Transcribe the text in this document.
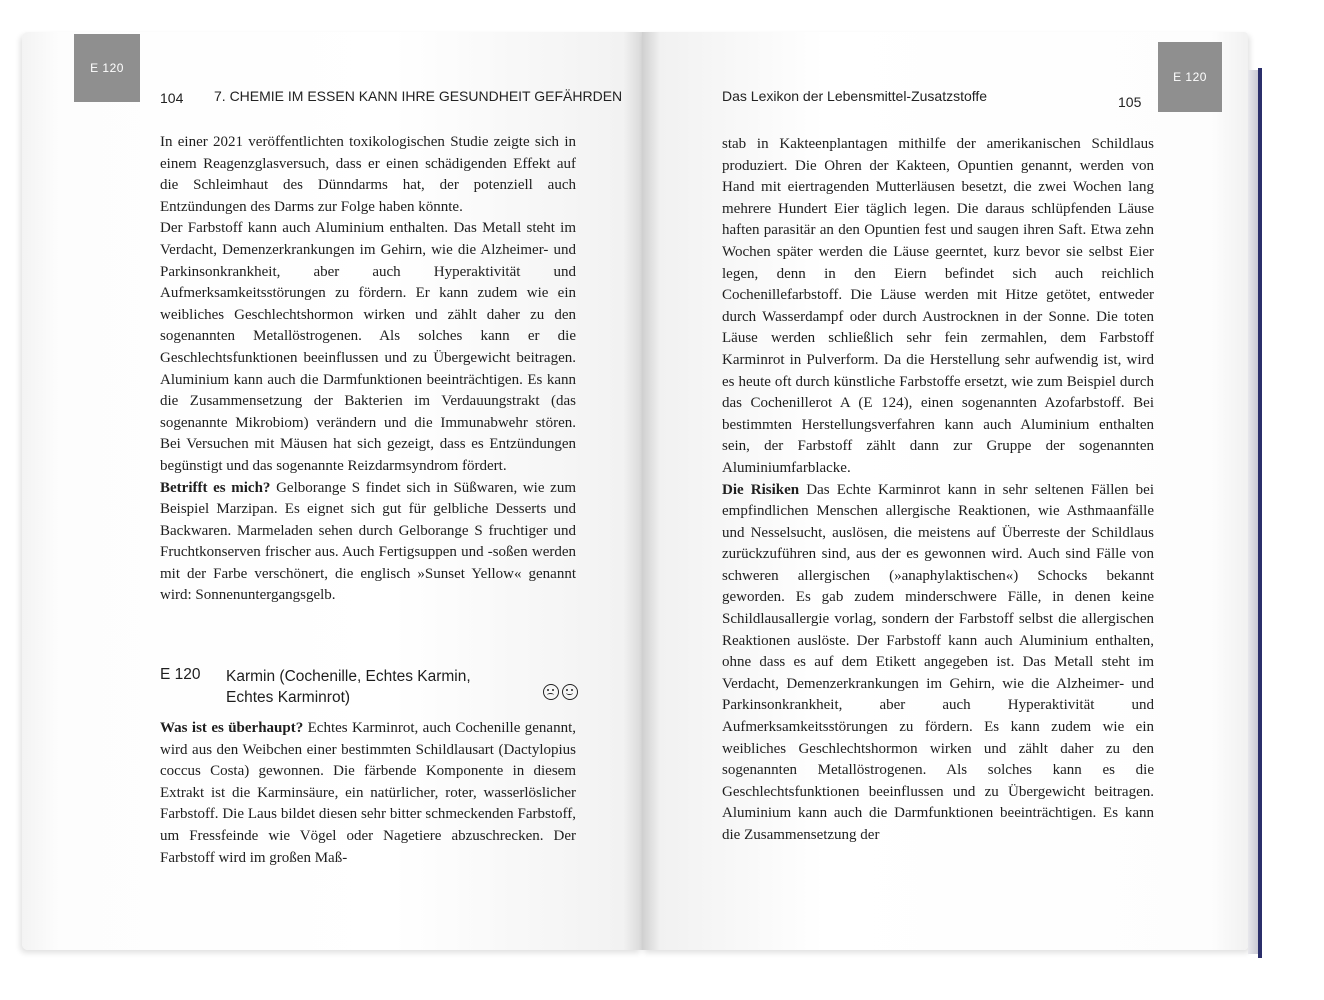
E 120
104 7. CHEMIE IM ESSEN KANN IHRE GESUNDHEIT GEFÄHRDEN

In einer 2021 veröffentlichten toxikologischen Studie zeigte sich in einem Reagenzglasversuch, dass er einen schädigenden Effekt auf die Schleimhaut des Dünndarms hat, der potenziell auch Entzündungen des Darms zur Folge haben könnte.

Der Farbstoff kann auch Aluminium enthalten. Das Metall steht im Verdacht, Demenzerkrankungen im Gehirn, wie die Alzheimer- und Parkinsonkrankheit, aber auch Hyperaktivität und Aufmerksamkeitsstörungen zu fördern. Er kann zudem wie ein weibliches Geschlechtshormon wirken und zählt daher zu den sogenannten Metallöstrogenen. Als solches kann er die Geschlechtsfunktionen beeinflussen und zu Übergewicht beitragen. Aluminium kann auch die Darmfunktionen beeinträchtigen. Es kann die Zusammensetzung der Bakterien im Verdauungstrakt (das sogenannte Mikrobiom) verändern und die Immunabwehr stören. Bei Versuchen mit Mäusen hat sich gezeigt, dass es Entzündungen begünstigt und das sogenannte Reizdarmsyndrom fördert.

Betrifft es mich? Gelborange S findet sich in Süßwaren, wie zum Beispiel Marzipan. Es eignet sich gut für gelbliche Desserts und Backwaren. Marmeladen sehen durch Gelborange S fruchtiger und Fruchtkonserven frischer aus. Auch Fertigsuppen und -soßen werden mit der Farbe verschönert, die englisch »Sunset Yellow« genannt wird: Sonnenuntergangsgelb.

E 120 Karmin (Cochenille, Echtes Karmin,
Echtes Karminrot)

Was ist es überhaupt? Echtes Karminrot, auch Cochenille genannt, wird aus den Weibchen einer bestimmten Schildlausart (Dactylopius coccus Costa) gewonnen. Die färbende Komponente in diesem Extrakt ist die Karminsäure, ein natürlicher, roter, wasserlöslicher Farbstoff. Die Laus bildet diesen sehr bitter schmeckenden Farbstoff, um Fressfeinde wie Vögel oder Nagetiere abzuschrecken. Der Farbstoff wird im großen Maß-

E 120
Das Lexikon der Lebensmittel-Zusatzstoffe	105

stab in Kakteenplantagen mithilfe der amerikanischen Schildlaus produziert. Die Ohren der Kakteen, Opuntien genannt, werden von Hand mit eiertragenden Mutterläusen besetzt, die zwei Wochen lang mehrere Hundert Eier täglich legen. Die daraus schlüpfenden Läuse haften parasitär an den Opuntien fest und saugen ihren Saft. Etwa zehn Wochen später werden die Läuse geerntet, kurz bevor sie selbst Eier legen, denn in den Eiern befindet sich auch reichlich Cochenillefarbstoff. Die Läuse werden mit Hitze getötet, entweder durch Wasserdampf oder durch Austrocknen in der Sonne. Die toten Läuse werden schließlich sehr fein zermahlen, dem Farbstoff Karminrot in Pulverform. Da die Herstellung sehr aufwendig ist, wird es heute oft durch künstliche Farbstoffe ersetzt, wie zum Beispiel durch das Cochenillerot A (E 124), einen sogenannten Azofarbstoff. Bei bestimmten Herstellungsverfahren kann auch Aluminium enthalten sein, der Farbstoff zählt dann zur Gruppe der sogenannten Aluminiumfarblacke.

Die Risiken Das Echte Karminrot kann in sehr seltenen Fällen bei empfindlichen Menschen allergische Reaktionen, wie Asthmaanfälle und Nesselsucht, auslösen, die meistens auf Überreste der Schildlaus zurückzuführen sind, aus der es gewonnen wird. Auch sind Fälle von schweren allergischen (»anaphylaktischen«) Schocks bekannt geworden. Es gab zudem minderschwere Fälle, in denen keine Schildlausallergie vorlag, sondern der Farbstoff selbst die allergischen Reaktionen auslöste. Der Farbstoff kann auch Aluminium enthalten, ohne dass es auf dem Etikett angegeben ist. Das Metall steht im Verdacht, Demenzerkrankungen im Gehirn, wie die Alzheimer- und Parkinsonkrankheit, aber auch Hyperaktivität und Aufmerksamkeitsstörungen zu fördern. Es kann zudem wie ein weibliches Geschlechtshormon wirken und zählt daher zu den sogenannten Metallöstrogenen. Als solches kann es die Geschlechtsfunktionen beeinflussen und zu Übergewicht beitragen. Aluminium kann auch die Darmfunktionen beeinträchtigen. Es kann die Zusammensetzung der
